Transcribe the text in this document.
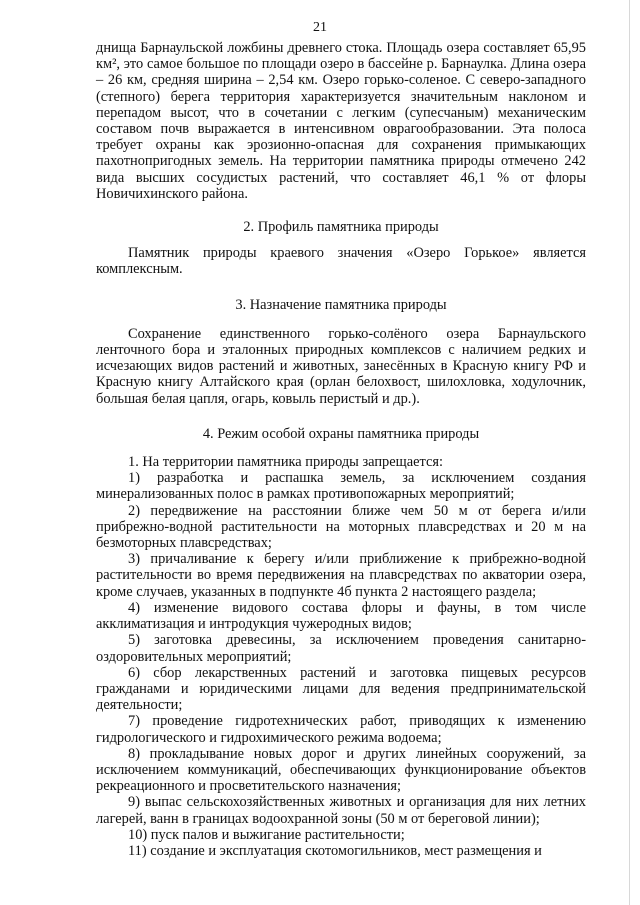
21

днища Барнаульской ложбины древнего стока. Площадь озера составляет 65,95 км², это самое большое по площади озеро в бассейне р. Барнаулка. Длина озера – 26 км, средняя ширина – 2,54 км. Озеро горько-соленое. С северо-западного (степного) берега территория характеризуется значительным наклоном и перепадом высот, что в сочетании с легким (супесчаным) механическим составом почв выражается в интенсивном оврагообразовании. Эта полоса требует охраны как эрозионно-опасная для сохранения примыкающих пахотнопригодных земель. На территории памятника природы отмечено 242 вида высших сосудистых растений, что составляет 46,1 % от флоры Новичихинского района.

2. Профиль памятника природы

Памятник природы краевого значения «Озеро Горькое» является комплексным.

3. Назначение памятника природы

Сохранение единственного горько-солёного озера Барнаульского ленточного бора и эталонных природных комплексов с наличием редких и исчезающих видов растений и животных, занесённых в Красную книгу РФ и Красную книгу Алтайского края (орлан белохвост, шилохловка, ходулочник, большая белая цапля, огарь, ковыль перистый и др.).

4. Режим особой охраны памятника природы

1. На территории памятника природы запрещается:

1) разработка и распашка земель, за исключением создания минерализованных полос в рамках противопожарных мероприятий;

2) передвижение на расстоянии ближе чем 50 м от берега и/или прибрежно-водной растительности на моторных плавсредствах и 20 м на безмоторных плавсредствах;

3) причаливание к берегу и/или приближение к прибрежно-водной растительности во время передвижения на плавсредствах по акватории озера, кроме случаев, указанных в подпункте 4б пункта 2 настоящего раздела;

4) изменение видового состава флоры и фауны, в том числе акклиматизация и интродукция чужеродных видов;

5) заготовка древесины, за исключением проведения санитарно-оздоровительных мероприятий;

6) сбор лекарственных растений и заготовка пищевых ресурсов гражданами и юридическими лицами для ведения предпринимательской деятельности;

7) проведение гидротехнических работ, приводящих к изменению гидрологического и гидрохимического режима водоема;

8) прокладывание новых дорог и других линейных сооружений, за исключением коммуникаций, обеспечивающих функционирование объектов рекреационного и просветительского назначения;

9) выпас сельскохозяйственных животных и организация для них летних лагерей, ванн в границах водоохранной зоны (50 м от береговой линии);

10) пуск палов и выжигание растительности;

11) создание и эксплуатация скотомогильников, мест размещения и
